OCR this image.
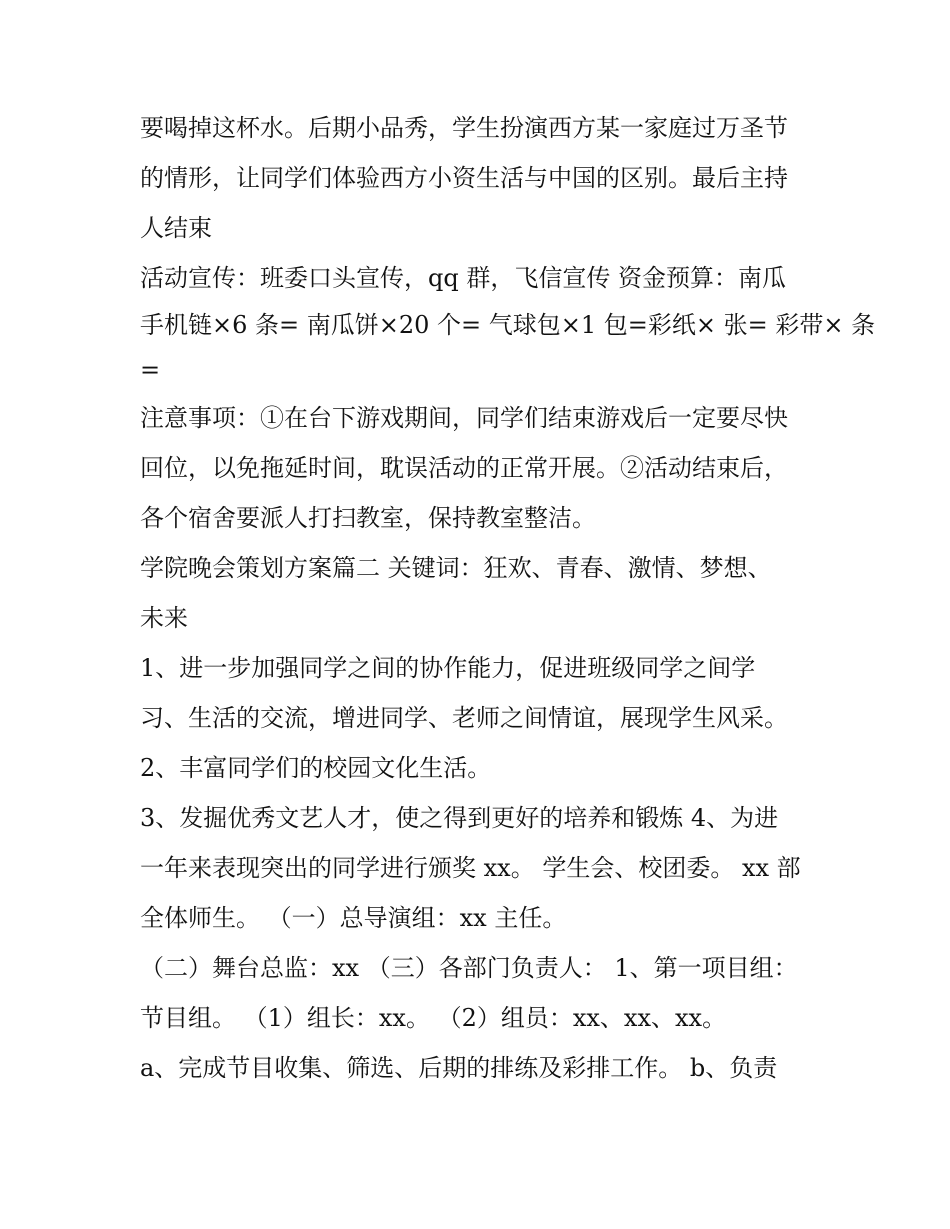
要喝掉这杯水。后期小品秀，学生扮演西方某一家庭过万圣节
的情形，让同学们体验西方小资生活与中国的区别。最后主持
人结束
活动宣传：班委口头宣传，qq 群，飞信宣传 资金预算：南瓜
手机链×6 条= 南瓜饼×20 个= 气球包×1 包=彩纸× 张= 彩带× 条
=
注意事项：①在台下游戏期间，同学们结束游戏后一定要尽快
回位，以免拖延时间，耽误活动的正常开展。②活动结束后，
各个宿舍要派人打扫教室，保持教室整洁。
学院晚会策划方案篇二 关键词：狂欢、青春、激情、梦想、
未来
1、进一步加强同学之间的协作能力，促进班级同学之间学
习、生活的交流，增进同学、老师之间情谊，展现学生风采。
2、丰富同学们的校园文化生活。
3、发掘优秀文艺人才，使之得到更好的培养和锻炼 4、为进
一年来表现突出的同学进行颁奖 xx。 学生会、校团委。 xx 部
全体师生。 （一）总导演组：xx 主任。
（二）舞台总监：xx （三）各部门负责人： 1、第一项目组：
节目组。 （1）组长：xx。 （2）组员：xx、xx、xx。
a、完成节目收集、筛选、后期的排练及彩排工作。 b、负责
